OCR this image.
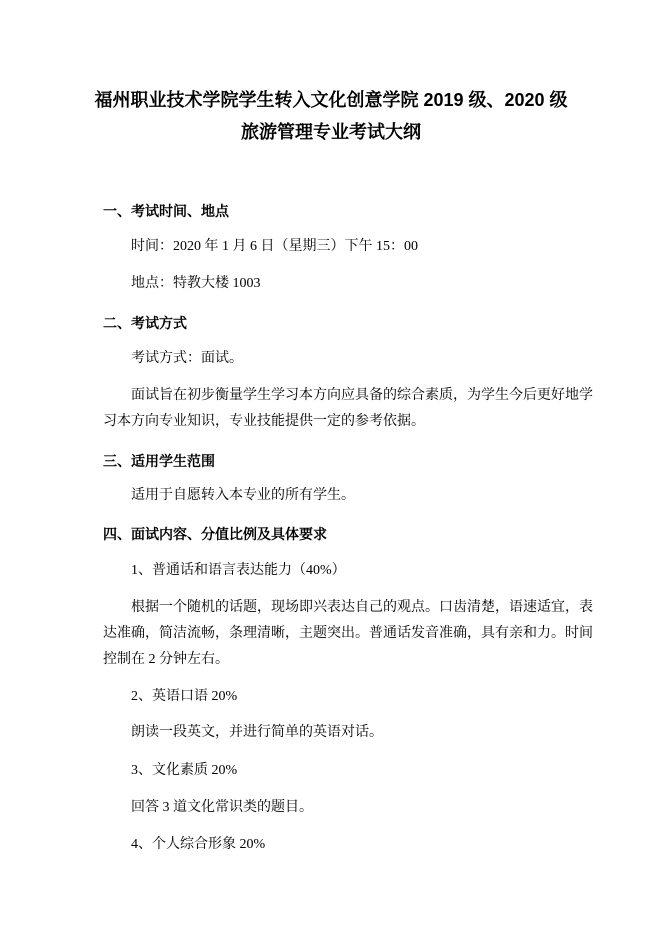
福州职业技术学院学生转入文化创意学院 2019 级、2020 级
旅游管理专业考试大纲
一、考试时间、地点
时间：2020 年 1 月 6 日（星期三）下午 15：00
地点：特教大楼 1003
二、考试方式
考试方式：面试。
面试旨在初步衡量学生学习本方向应具备的综合素质，为学生今后更好地学
习本方向专业知识，专业技能提供一定的参考依据。
三、适用学生范围
适用于自愿转入本专业的所有学生。
四、面试内容、分值比例及具体要求
1、普通话和语言表达能力（40%）
根据一个随机的话题，现场即兴表达自己的观点。口齿清楚，语速适宜，表
达准确，简洁流畅，条理清晰，主题突出。普通话发音准确，具有亲和力。时间
控制在 2 分钟左右。
2、英语口语 20%
朗读一段英文，并进行简单的英语对话。
3、文化素质 20%
回答 3 道文化常识类的题目。
4、个人综合形象 20%
